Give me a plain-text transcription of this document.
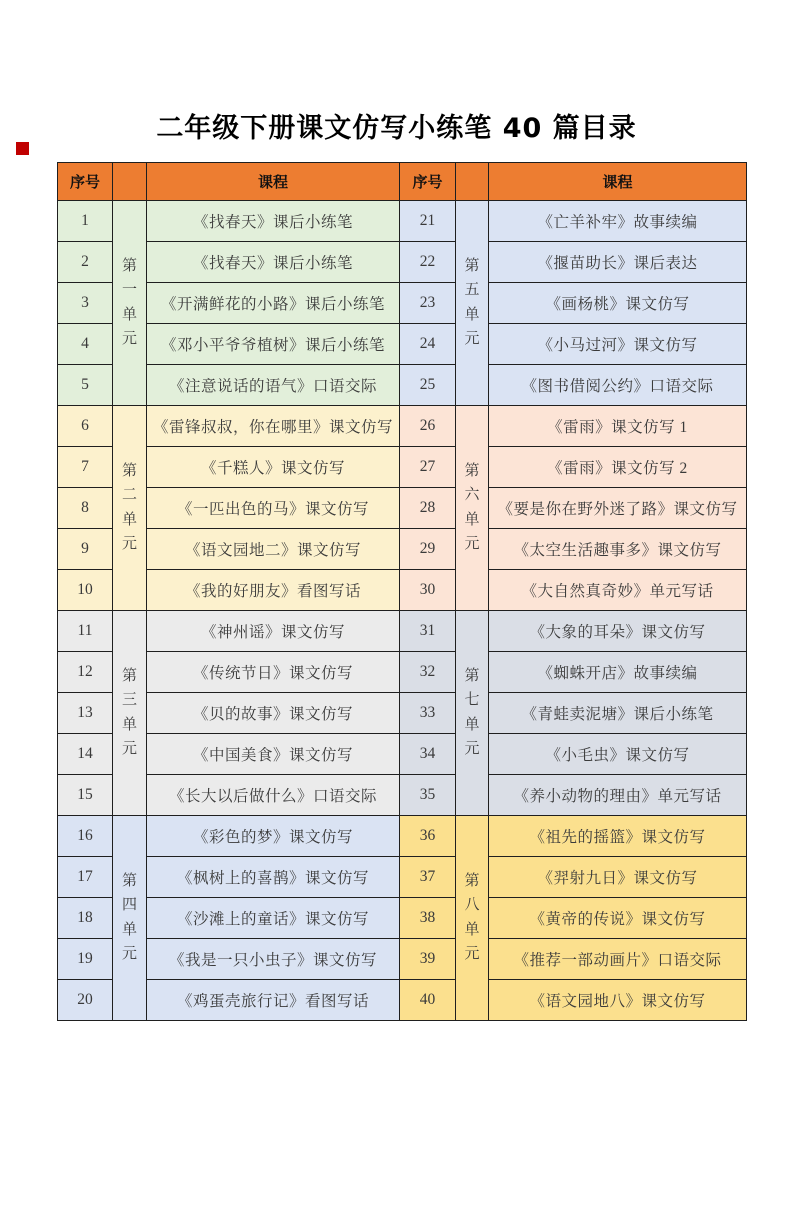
二年级下册课文仿写小练笔 40 篇目录
序号		课程	序号		课程
1	第
一
单
元	《找春天》课后小练笔	21	第
五
单
元	《亡羊补牢》故事续编
2		《找春天》课后小练笔	22		《揠苗助长》课后表达
3		《开满鲜花的小路》课后小练笔	23		《画杨桃》课文仿写
4		《邓小平爷爷植树》课后小练笔	24		《小马过河》课文仿写
5		《注意说话的语气》口语交际	25		《图书借阅公约》口语交际
6	第
二
单
元	《雷锋叔叔，你在哪里》课文仿写	26	第
六
单
元	《雷雨》课文仿写 1
7		《千糕人》课文仿写	27		《雷雨》课文仿写 2
8		《一匹出色的马》课文仿写	28		《要是你在野外迷了路》课文仿写
9		《语文园地二》课文仿写	29		《太空生活趣事多》课文仿写
10		《我的好朋友》看图写话	30		《大自然真奇妙》单元写话
11	第
三
单
元	《神州谣》课文仿写	31	第
七
单
元	《大象的耳朵》课文仿写
12		《传统节日》课文仿写	32		《蜘蛛开店》故事续编
13		《贝的故事》课文仿写	33		《青蛙卖泥塘》课后小练笔
14		《中国美食》课文仿写	34		《小毛虫》课文仿写
15		《长大以后做什么》口语交际	35		《养小动物的理由》单元写话
16	第
四
单
元	《彩色的梦》课文仿写	36	第
八
单
元	《祖先的摇篮》课文仿写
17		《枫树上的喜鹊》课文仿写	37		《羿射九日》课文仿写
18		《沙滩上的童话》课文仿写	38		《黄帝的传说》课文仿写
19		《我是一只小虫子》课文仿写	39		《推荐一部动画片》口语交际
20		《鸡蛋壳旅行记》看图写话	40		《语文园地八》课文仿写
